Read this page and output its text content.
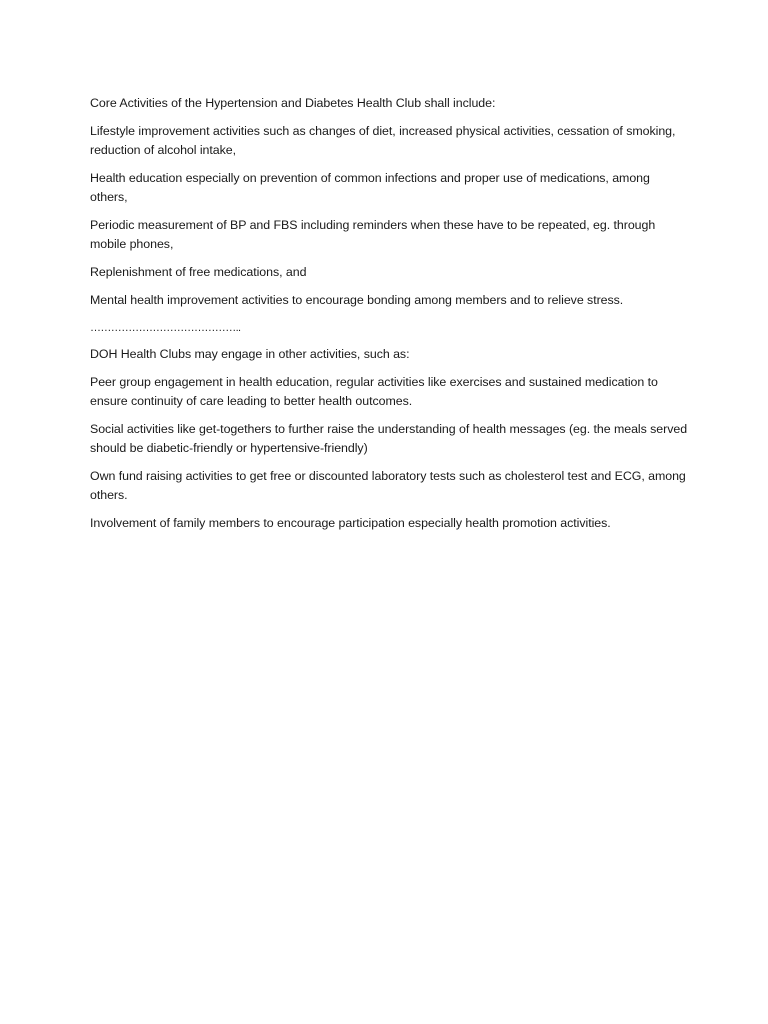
Core Activities of the Hypertension and Diabetes Health Club shall include:

Lifestyle improvement activities such as changes of diet, increased physical activities, cessation of smoking, reduction of alcohol intake,

Health education especially on prevention of common infections and proper use of medications, among others,

Periodic measurement of BP and FBS including reminders when these have to be repeated, eg. through mobile phones,

Replenishment of free medications, and

Mental health improvement activities to encourage bonding among members and to relieve stress.

……………………………………..

DOH Health Clubs may engage in other activities, such as:

Peer group engagement in health education, regular activities like exercises and sustained medication to ensure continuity of care leading to better health outcomes.

Social activities like get-togethers to further raise the understanding of health messages (eg. the meals served should be diabetic-friendly or hypertensive-friendly)

Own fund raising activities to get free or discounted laboratory tests such as cholesterol test and ECG, among others.

Involvement of family members to encourage participation especially health promotion activities.
